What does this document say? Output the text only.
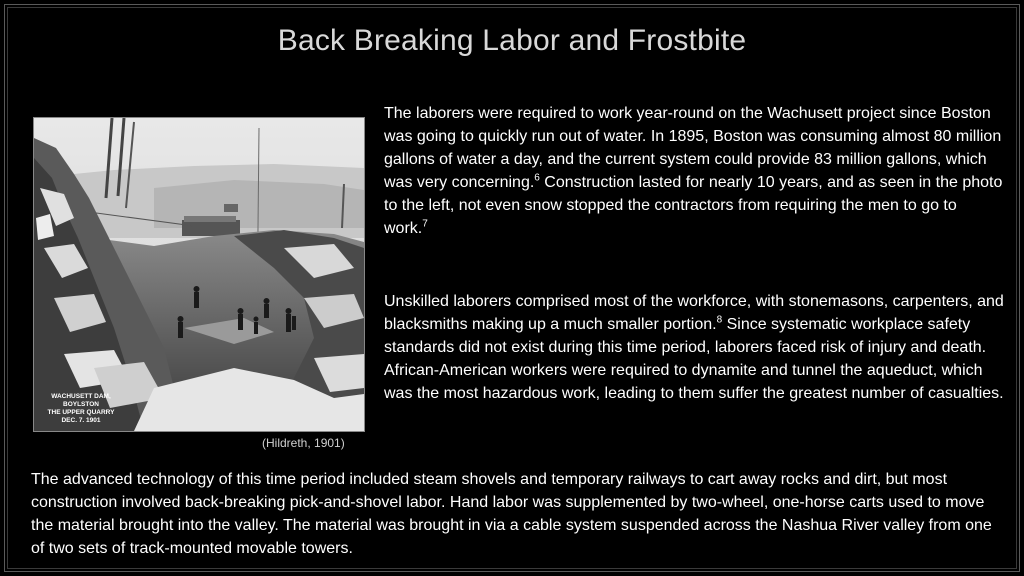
Back Breaking Labor and Frostbite
WACHUSETT DAM, BOYLSTON
THE UPPER QUARRY
DEC. 7. 1901
(Hildreth, 1901)

The laborers were required to work year-round on the Wachusett project since Boston was going to quickly run out of water. In 1895, Boston was consuming almost 80 million gallons of water a day, and the current system could provide 83 million gallons, which was very concerning.$^6$ Construction lasted for nearly 10 years, and as seen in the photo to the left, not even snow stopped the contractors from requiring the men to go to work.$^7$

Unskilled laborers comprised most of the workforce, with stonemasons, carpenters, and blacksmiths making up a much smaller portion.$^8$ Since systematic workplace safety standards did not exist during this time period, laborers faced risk of injury and death. African-American workers were required to dynamite and tunnel the aqueduct, which was the most hazardous work, leading to them suffer the greatest number of casualties.

The advanced technology of this time period included steam shovels and temporary railways to cart away rocks and dirt, but most construction involved back-breaking pick-and-shovel labor. Hand labor was supplemented by two-wheel, one-horse carts used to move the material brought into the valley. The material was brought in via a cable system suspended across the Nashua River valley from one of two sets of track-mounted movable towers.
